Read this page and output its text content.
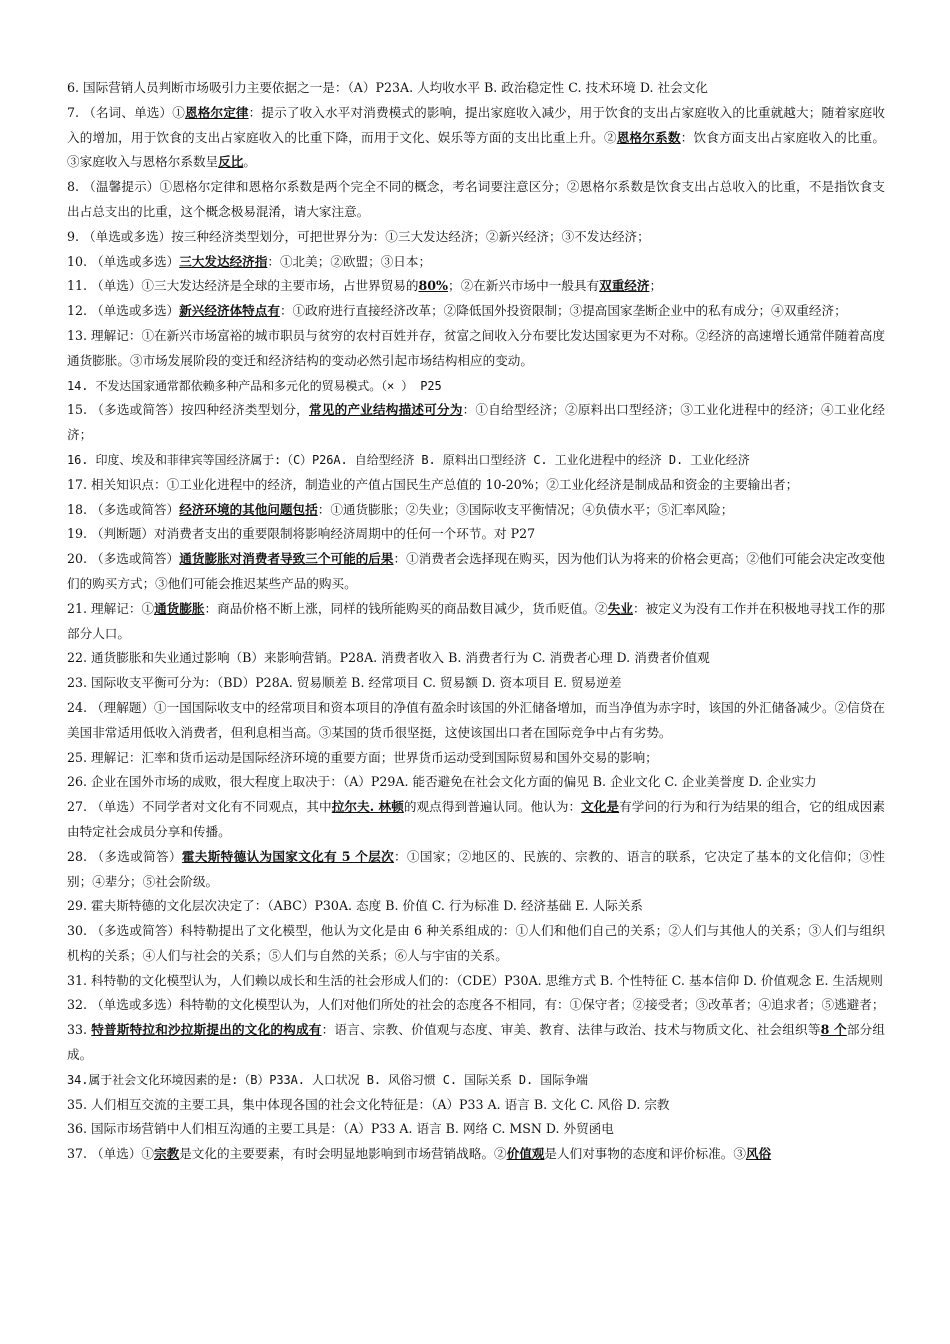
6. 国际营销人员判断市场吸引力主要依据之一是：（A）P23A. 人均收水平 B. 政治稳定性 C. 技术环境 D. 社会文化

7. （名词、单选）①恩格尔定律：提示了收入水平对消费模式的影响，提出家庭收入减少，用于饮食的支出占家庭收入的比重就越大；随着家庭收入的增加，用于饮食的支出占家庭收入的比重下降，而用于文化、娱乐等方面的支出比重上升。②恩格尔系数：饮食方面支出占家庭收入的比重。③家庭收入与恩格尔系数呈反比。

8. （温馨提示）①恩格尔定律和恩格尔系数是两个完全不同的概念，考名词要注意区分；②恩格尔系数是饮食支出占总收入的比重，不是指饮食支出占总支出的比重，这个概念极易混淆，请大家注意。

9. （单选或多选）按三种经济类型划分，可把世界分为：①三大发达经济；②新兴经济；③不发达经济；

10. （单选或多选）三大发达经济指：①北美；②欧盟；③日本；

11. （单选）①三大发达经济是全球的主要市场，占世界贸易的80%；②在新兴市场中一般具有双重经济；

12. （单选或多选）新兴经济体特点有：①政府进行直接经济改革；②降低国外投资限制；③提高国家垄断企业中的私有成分；④双重经济；

13. 理解记：①在新兴市场富裕的城市职员与贫穷的农村百姓并存，贫富之间收入分布要比发达国家更为不对称。②经济的高速增长通常伴随着高度通货膨胀。③市场发展阶段的变迁和经济结构的变动必然引起市场结构相应的变动。

14. 不发达国家通常都依赖多种产品和多元化的贸易模式。（× ） P25

15. （多选或简答）按四种经济类型划分，常见的产业结构描述可分为：①自给型经济；②原料出口型经济；③工业化进程中的经济；④工业化经济；

16. 印度、埃及和菲律宾等国经济属于:（C）P26A. 自给型经济 B. 原料出口型经济 C. 工业化进程中的经济 D. 工业化经济

17. 相关知识点：①工业化进程中的经济，制造业的产值占国民生产总值的 10-20%；②工业化经济是制成品和资金的主要输出者；

18. （多选或简答）经济环境的其他问题包括：①通货膨胀；②失业；③国际收支平衡情况；④负债水平；⑤汇率风险；

19. （判断题）对消费者支出的重要限制将影响经济周期中的任何一个环节。对 P27

20. （多选或简答）通货膨胀对消费者导致三个可能的后果：①消费者会选择现在购买，因为他们认为将来的价格会更高；②他们可能会决定改变他们的购买方式；③他们可能会推迟某些产品的购买。

21. 理解记：①通货膨胀：商品价格不断上涨，同样的钱所能购买的商品数目减少，货币贬值。②失业：被定义为没有工作并在积极地寻找工作的那部分人口。

22. 通货膨胀和失业通过影响（B）来影响营销。P28A. 消费者收入 B. 消费者行为 C. 消费者心理 D. 消费者价值观

23. 国际收支平衡可分为：（BD）P28A. 贸易顺差 B. 经常项目 C. 贸易额 D. 资本项目 E. 贸易逆差

24. （理解题）①一国国际收支中的经常项目和资本项目的净值有盈余时该国的外汇储备增加，而当净值为赤字时，该国的外汇储备减少。②信贷在美国非常适用低收入消费者，但利息相当高。③某国的货币很坚挺，这使该国出口者在国际竞争中占有劣势。

25. 理解记：汇率和货币运动是国际经济环境的重要方面；世界货币运动受到国际贸易和国外交易的影响；

26. 企业在国外市场的成败，很大程度上取决于：（A）P29A. 能否避免在社会文化方面的偏见 B. 企业文化 C. 企业美誉度 D. 企业实力

27. （单选）不同学者对文化有不同观点，其中拉尔夫. 林顿的观点得到普遍认同。他认为：文化是有学问的行为和行为结果的组合，它的组成因素由特定社会成员分享和传播。

28. （多选或简答）霍夫斯特德认为国家文化有 5 个层次：①国家；②地区的、民族的、宗教的、语言的联系，它决定了基本的文化信仰；③性别；④辈分；⑤社会阶级。

29. 霍夫斯特德的文化层次决定了：（ABC）P30A. 态度 B. 价值 C. 行为标准 D. 经济基础 E. 人际关系

30. （多选或简答）科特勒提出了文化模型，他认为文化是由 6 种关系组成的：①人们和他们自己的关系；②人们与其他人的关系；③人们与组织机构的关系；④人们与社会的关系；⑤人们与自然的关系；⑥人与宇宙的关系。

31. 科特勒的文化模型认为，人们赖以成长和生活的社会形成人们的：（CDE）P30A. 思维方式 B. 个性特征 C. 基本信仰 D. 价值观念 E. 生活规则

32. （单选或多选）科特勒的文化模型认为，人们对他们所处的社会的态度各不相同，有：①保守者；②接受者；③改革者；④追求者；⑤逃避者；

33. 特普斯特拉和沙拉斯提出的文化的构成有：语言、宗教、价值观与态度、审美、教育、法律与政治、技术与物质文化、社会组织等8 个部分组成。

34.属于社会文化环境因素的是:（B）P33A. 人口状况 B. 风俗习惯 C. 国际关系 D. 国际争端

35. 人们相互交流的主要工具，集中体现各国的社会文化特征是：（A）P33 A. 语言 B. 文化 C. 风俗 D. 宗教

36. 国际市场营销中人们相互沟通的主要工具是：（A）P33 A. 语言 B. 网络 C. MSN D. 外贸函电

37. （单选）①宗教是文化的主要要素，有时会明显地影响到市场营销战略。②价值观是人们对事物的态度和评价标准。③风俗
